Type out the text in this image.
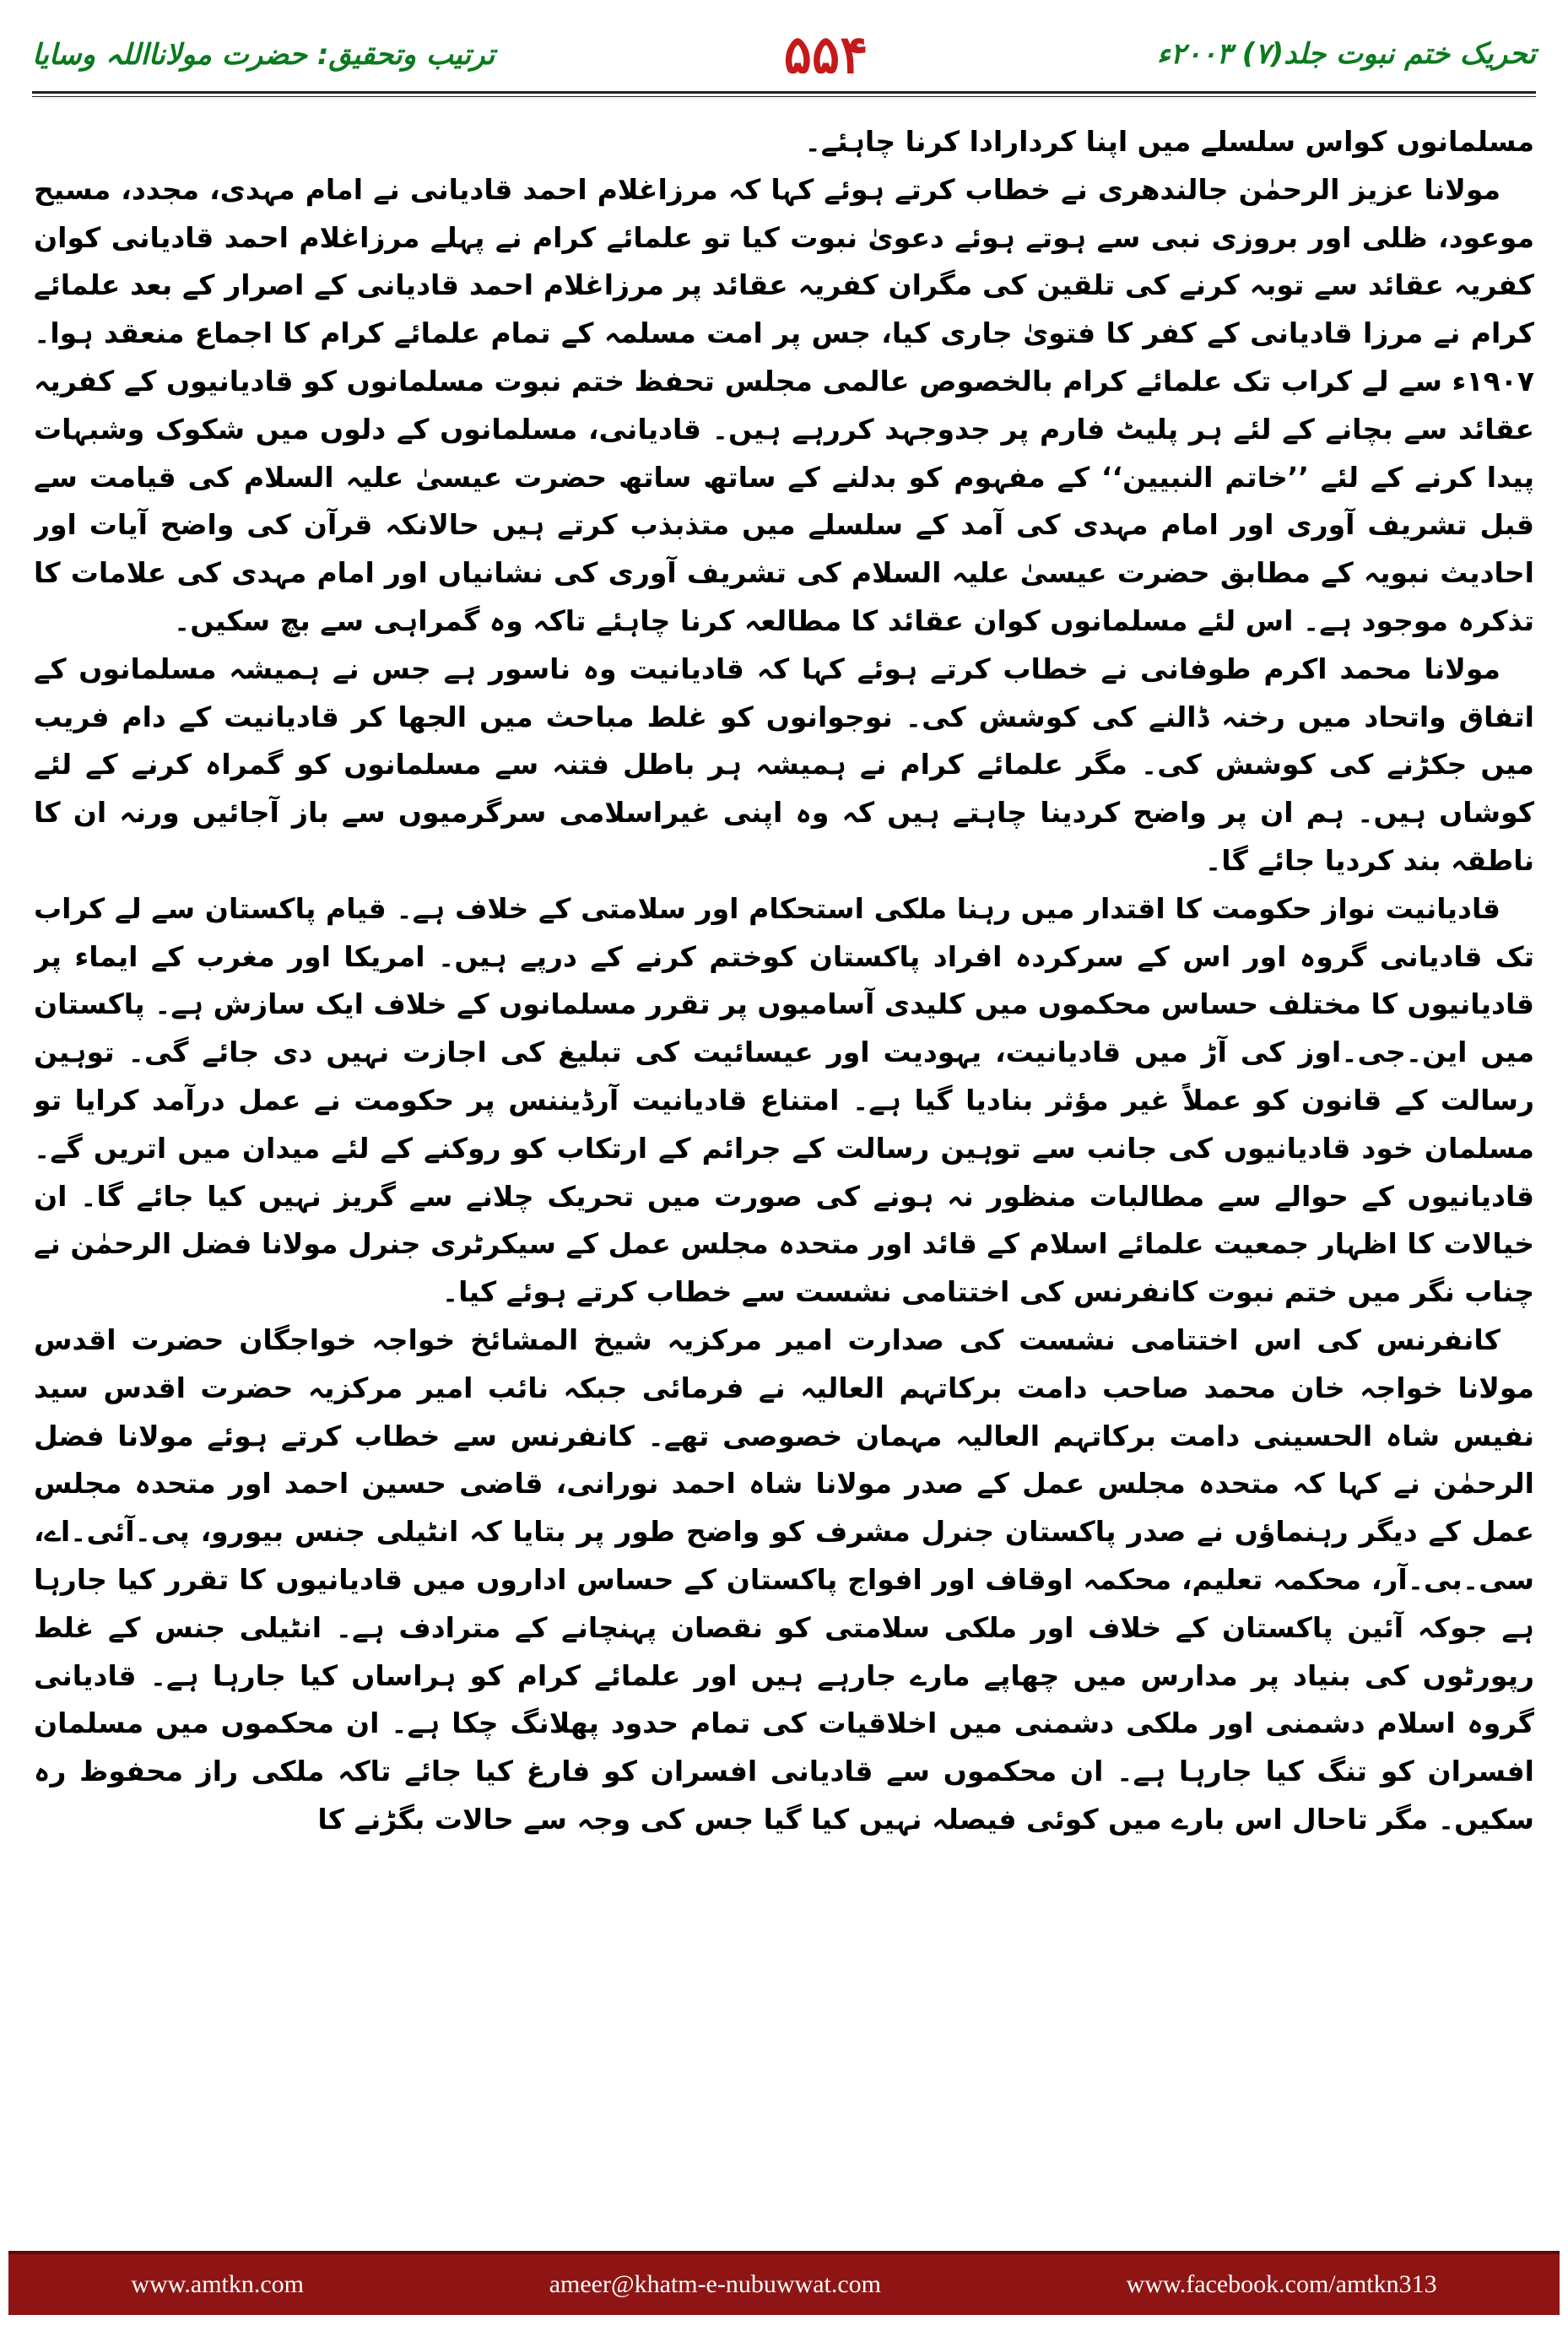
ترتیب وتحقیق: حضرت مولانااللہ وسایا	۵۵۴	تحریک ختم نبوت جلد(۷) ۲۰۰۳ء

مسلمانوں کواس سلسلے میں اپنا کردارادا کرنا چاہئے۔

مولانا عزیز الرحمٰن جالندھری نے خطاب کرتے ہوئے کہا کہ مرزاغلام احمد قادیانی نے امام مہدی، مجدد، مسیح موعود، ظلی اور بروزی نبی سے ہوتے ہوئے دعویٰ نبوت کیا تو علمائے کرام نے پہلے مرزاغلام احمد قادیانی کوان کفریہ عقائد سے توبہ کرنے کی تلقین کی مگران کفریہ عقائد پر مرزاغلام احمد قادیانی کے اصرار کے بعد علمائے کرام نے مرزا قادیانی کے کفر کا فتویٰ جاری کیا، جس پر امت مسلمہ کے تمام علمائے کرام کا اجماع منعقد ہوا۔۱۹۰۷ء سے لے کراب تک علمائے کرام بالخصوص عالمی مجلس تحفظ ختم نبوت مسلمانوں کو قادیانیوں کے کفریہ عقائد سے بچانے کے لئے ہر پلیٹ فارم پر جدوجہد کررہے ہیں۔ قادیانی، مسلمانوں کے دلوں میں شکوک وشبہات پیدا کرنے کے لئے ’’خاتم النبیین‘‘ کے مفہوم کو بدلنے کے ساتھ ساتھ حضرت عیسیٰ علیہ السلام کی قیامت سے قبل تشریف آوری اور امام مہدی کی آمد کے سلسلے میں متذبذب کرتے ہیں حالانکہ قرآن کی واضح آیات اور احادیث نبویہ کے مطابق حضرت عیسیٰ علیہ السلام کی تشریف آوری کی نشانیاں اور امام مہدی کی علامات کا تذکرہ موجود ہے۔ اس لئے مسلمانوں کوان عقائد کا مطالعہ کرنا چاہئے تاکہ وہ گمراہی سے بچ سکیں۔

مولانا محمد اکرم طوفانی نے خطاب کرتے ہوئے کہا کہ قادیانیت وہ ناسور ہے جس نے ہمیشہ مسلمانوں کے اتفاق واتحاد میں رخنہ ڈالنے کی کوشش کی۔ نوجوانوں کو غلط مباحث میں الجھا کر قادیانیت کے دام فریب میں جکڑنے کی کوشش کی۔ مگر علمائے کرام نے ہمیشہ ہر باطل فتنہ سے مسلمانوں کو گمراہ کرنے کے لئے کوشاں ہیں۔ ہم ان پر واضح کردینا چاہتے ہیں کہ وہ اپنی غیراسلامی سرگرمیوں سے باز آجائیں ورنہ ان کا ناطقہ بند کردیا جائے گا۔

قادیانیت نواز حکومت کا اقتدار میں رہنا ملکی استحکام اور سلامتی کے خلاف ہے۔ قیام پاکستان سے لے کراب تک قادیانی گروہ اور اس کے سرکردہ افراد پاکستان کوختم کرنے کے درپے ہیں۔ امریکا اور مغرب کے ایماء پر قادیانیوں کا مختلف حساس محکموں میں کلیدی آسامیوں پر تقرر مسلمانوں کے خلاف ایک سازش ہے۔ پاکستان میں این۔جی۔اوز کی آڑ میں قادیانیت، یہودیت اور عیسائیت کی تبلیغ کی اجازت نہیں دی جائے گی۔ توہین رسالت کے قانون کو عملاً غیر مؤثر بنادیا گیا ہے۔ امتناع قادیانیت آرڈیننس پر حکومت نے عمل درآمد کرایا تو مسلمان خود قادیانیوں کی جانب سے توہین رسالت کے جرائم کے ارتکاب کو روکنے کے لئے میدان میں اتریں گے۔ قادیانیوں کے حوالے سے مطالبات منظور نہ ہونے کی صورت میں تحریک چلانے سے گریز نہیں کیا جائے گا۔ ان خیالات کا اظہار جمعیت علمائے اسلام کے قائد اور متحدہ مجلس عمل کے سیکرٹری جنرل مولانا فضل الرحمٰن نے چناب نگر میں ختم نبوت کانفرنس کی اختتامی نشست سے خطاب کرتے ہوئے کیا۔

کانفرنس کی اس اختتامی نشست کی صدارت امیر مرکزیہ شیخ المشائخ خواجہ خواجگان حضرت اقدس مولانا خواجہ خان محمد صاحب دامت برکاتہم العالیہ نے فرمائی جبکہ نائب امیر مرکزیہ حضرت اقدس سید نفیس شاہ الحسینی دامت برکاتہم العالیہ مہمان خصوصی تھے۔ کانفرنس سے خطاب کرتے ہوئے مولانا فضل الرحمٰن نے کہا کہ متحدہ مجلس عمل کے صدر مولانا شاہ احمد نورانی، قاضی حسین احمد اور متحدہ مجلس عمل کے دیگر رہنماؤں نے صدر پاکستان جنرل مشرف کو واضح طور پر بتایا کہ انٹیلی جنس بیورو، پی۔آئی۔اے، سی۔بی۔آر، محکمہ تعلیم، محکمہ اوقاف اور افواج پاکستان کے حساس اداروں میں قادیانیوں کا تقرر کیا جارہا ہے جوکہ آئین پاکستان کے خلاف اور ملکی سلامتی کو نقصان پہنچانے کے مترادف ہے۔ انٹیلی جنس کے غلط رپورٹوں کی بنیاد پر مدارس میں چھاپے مارے جارہے ہیں اور علمائے کرام کو ہراساں کیا جارہا ہے۔ قادیانی گروہ اسلام دشمنی اور ملکی دشمنی میں اخلاقیات کی تمام حدود پھلانگ چکا ہے۔ ان محکموں میں مسلمان افسران کو تنگ کیا جارہا ہے۔ ان محکموں سے قادیانی افسران کو فارغ کیا جائے تاکہ ملکی راز محفوظ رہ سکیں۔ مگر تاحال اس بارے میں کوئی فیصلہ نہیں کیا گیا جس کی وجہ سے حالات بگڑنے کا

www.amtkn.com	ameer@khatm-e-nubuwwat.com	www.facebook.com/amtkn313
